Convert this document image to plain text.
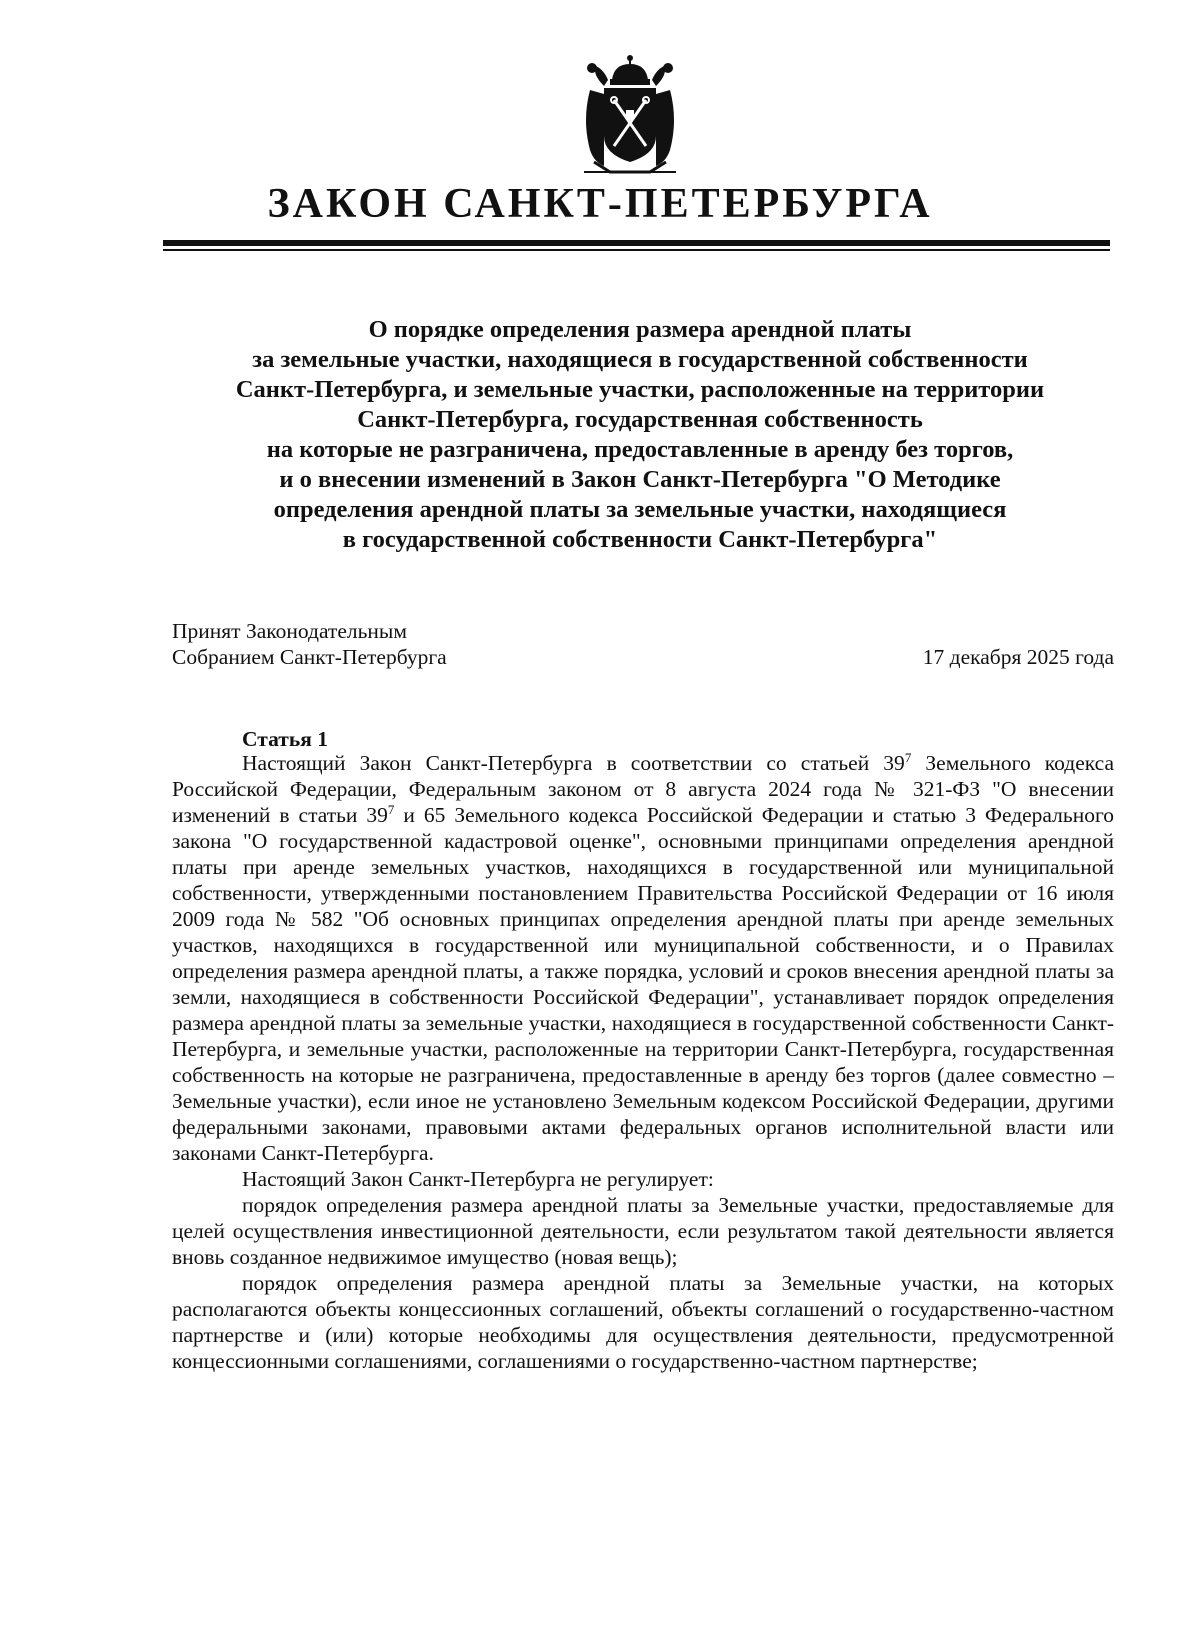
ЗАКОН САНКТ-ПЕТЕРБУРГА
О порядке определения размера арендной платы
за земельные участки, находящиеся в государственной собственности
Санкт-Петербурга, и земельные участки, расположенные на территории
Санкт-Петербурга, государственная собственность
на которые не разграничена, предоставленные в аренду без торгов,
и о внесении изменений в Закон Санкт-Петербурга "О Методике
определения арендной платы за земельные участки, находящиеся
в государственной собственности Санкт-Петербурга"
Принят Законодательным
Собранием Санкт-Петербурга	17 декабря 2025 года
Статья 1

Настоящий Закон Санкт-Петербурга в соответствии со статьей $39^7$ Земельного кодекса Российской Федерации, Федеральным законом от 8 августа 2024 года № 321-ФЗ "О внесении изменений в статьи $39^7$ и 65 Земельного кодекса Российской Федерации и статью 3 Федерального закона "О государственной кадастровой оценке", основными принципами определения арендной платы при аренде земельных участков, находящихся в государственной или муниципальной собственности, утвержденными постановлением Правительства Российской Федерации от 16 июля 2009 года № 582 "Об основных принципах определения арендной платы при аренде земельных участков, находящихся в государственной или муниципальной собственности, и о Правилах определения размера арендной платы, а также порядка, условий и сроков внесения арендной платы за земли, находящиеся в собственности Российской Федерации", устанавливает порядок определения размера арендной платы за земельные участки, находящиеся в государственной собственности Санкт-Петербурга, и земельные участки, расположенные на территории Санкт-Петербурга, государственная собственность на которые не разграничена, предоставленные в аренду без торгов (далее совместно – Земельные участки), если иное не установлено Земельным кодексом Российской Федерации, другими федеральными законами, правовыми актами федеральных органов исполнительной власти или законами Санкт-Петербурга.

Настоящий Закон Санкт-Петербурга не регулирует:

порядок определения размера арендной платы за Земельные участки, предоставляемые для целей осуществления инвестиционной деятельности, если результатом такой деятельности является вновь созданное недвижимое имущество (новая вещь);

порядок определения размера арендной платы за Земельные участки, на которых располагаются объекты концессионных соглашений, объекты соглашений о государственно-частном партнерстве и (или) которые необходимы для осуществления деятельности, предусмотренной концессионными соглашениями, соглашениями о государственно-частном партнерстве;
